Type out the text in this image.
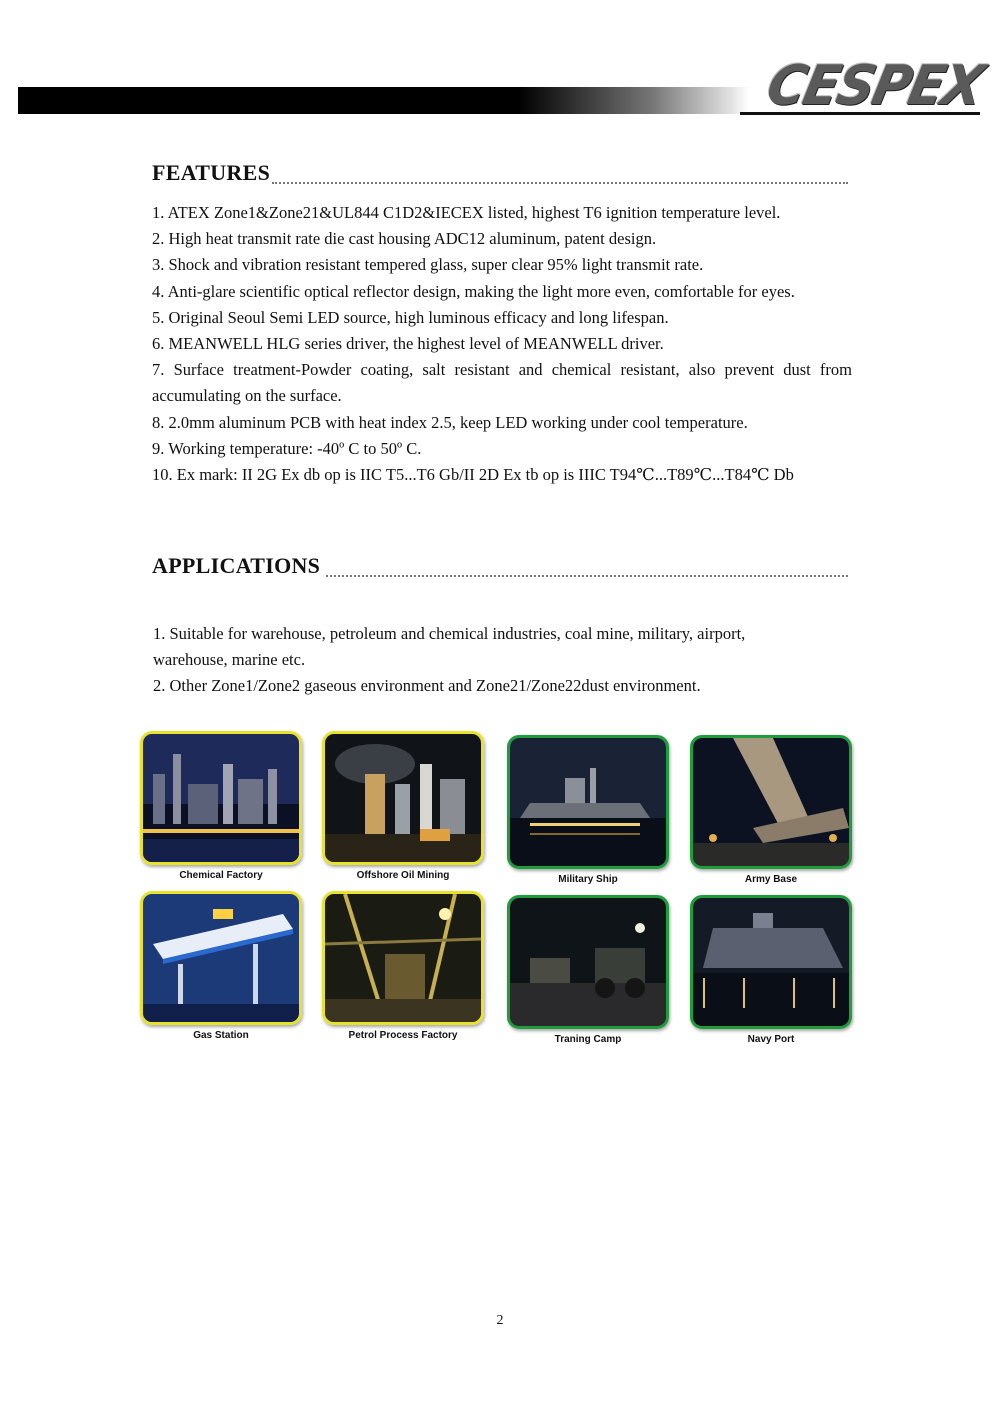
CESPEX
FEATURES
1. ATEX Zone1&Zone21&UL844 C1D2&IECEX listed, highest T6 ignition temperature level.
2. High heat transmit rate die cast housing ADC12 aluminum, patent design.
3. Shock and vibration resistant tempered glass, super clear 95% light transmit rate.
4. Anti-glare scientific optical reflector design, making the light more even, comfortable for eyes.
5. Original Seoul Semi LED source, high luminous efficacy and long lifespan.
6. MEANWELL HLG series driver, the highest level of MEANWELL driver.
7. Surface treatment-Powder coating, salt resistant and chemical resistant, also prevent dust from accumulating on the surface.
8. 2.0mm aluminum PCB with heat index 2.5, keep LED working under cool temperature.
9. Working temperature: -40º C to 50º C.
10. Ex mark: II 2G Ex db op is IIC T5...T6 Gb/II 2D Ex tb op is IIIC T94℃...T89℃...T84℃ Db
APPLICATIONS
1. Suitable for warehouse, petroleum and chemical industries, coal mine, military, airport, warehouse, marine etc.
2. Other Zone1/Zone2 gaseous environment and Zone21/Zone22dust environment.
Chemical Factory	Offshore Oil Mining	Military Ship	Army Base
Gas Station	Petrol Process Factory	Traning Camp	Navy Port
2
